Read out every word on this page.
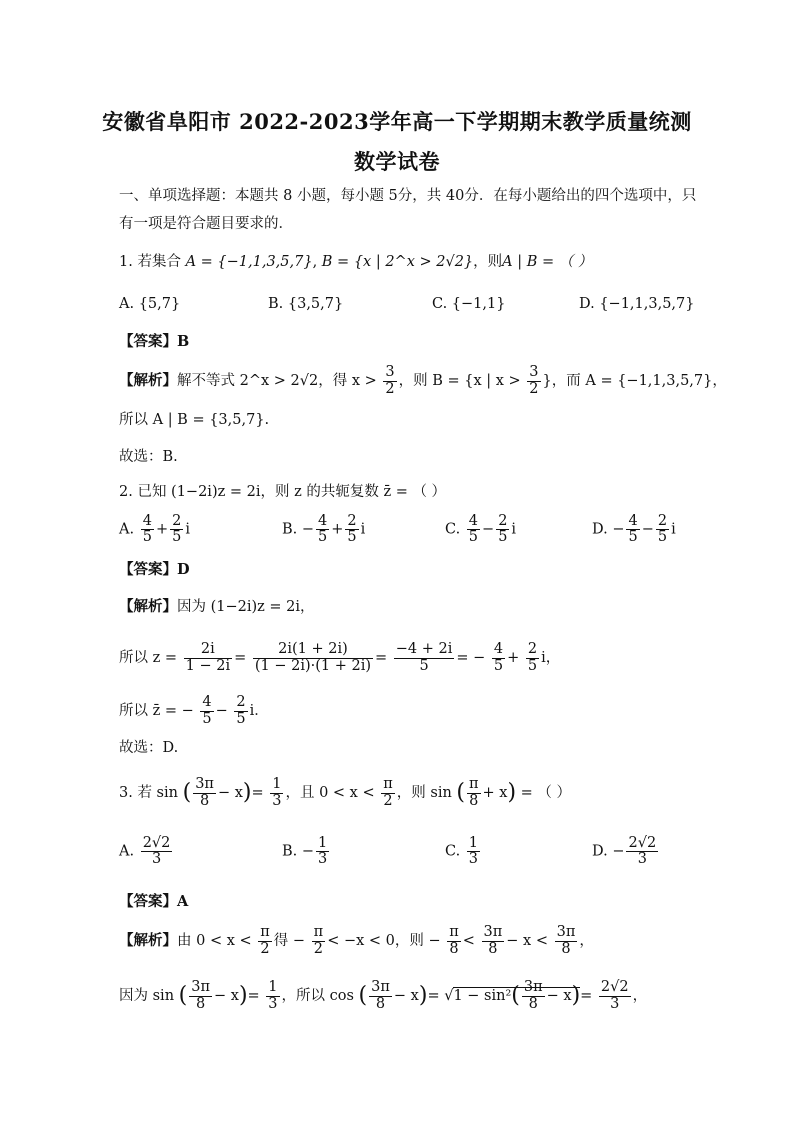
安徽省阜阳市 2022-2023学年高一下学期期末教学质量统测
数学试卷
一、单项选择题：本题共 8 小题，每小题 5分，共 40分．在每小题给出的四个选项中，只
有一项是符合题目要求的．
1. 若集合 A = {−1,1,3,5,7}, B = {x | 2^x > 2√2}，则A | B = （ ）
A. {5,7}	B. {3,5,7}	C. {−1,1}	D. {−1,1,3,5,7}
【答案】B
【解析】解不等式 2^x > 2√2，得 $x > \frac{3}{2}$ ，则 B = {x | $x > \frac{3}{2}$ }，而 A = {−1,1,3,5,7}，
所以 A | B = {3,5,7}.
故选：B.
2. 已知 (1−2i)z = 2i，则 z 的共轭复数 z̄ = （ ）
A. $\frac{4}{5} + \frac{2}{5}$ i	B. − $\frac{4}{5} + \frac{2}{5}$ i	C. $\frac{4}{5} - \frac{2}{5}$ i	D. − $\frac{4}{5} - \frac{2}{5}$ i
【答案】D
【解析】因为 (1−2i)z = 2i，
所以 $z = \frac{2i}{1 - 2i} = \frac{2i(1 + 2i)}{(1 - 2i)\cdot(1 + 2i)} = \frac{-4 + 2i}{5}$ = − $\frac{4}{5} + \frac{2}{5}$ i，
所以 z̄ = − $\frac{4}{5} - \frac{2}{5}$ i．
故选：D.
3. 若 sin ( $\frac{3\pi}{8} - x)= \frac{1}{3}$ ，且 $0 < x < \frac{\pi}{2}$ ，则 sin ( $\frac{\pi}{8} + x$) = （ ）
A. $\frac{2√2}{3}$	B. − $\frac{1}{3}$	C. $\frac{1}{3}$	D. − $\frac{2√2}{3}$
【答案】A
【解析】由 $0 < x < \frac{\pi}{2}$ 得 − $\frac{\pi}{2} < -x < 0$，则 − $\frac{\pi}{8} < \frac{3\pi}{8} - x < \frac{3\pi}{8}$ ，
因为 sin ( $\frac{3\pi}{8} - x)= \frac{1}{3}$ ，所以 cos ( $\frac{3\pi}{8} - x)= √1 - \sin^2( \frac{3\pi}{8} - x)= \frac{2√2}{3}$ ，
